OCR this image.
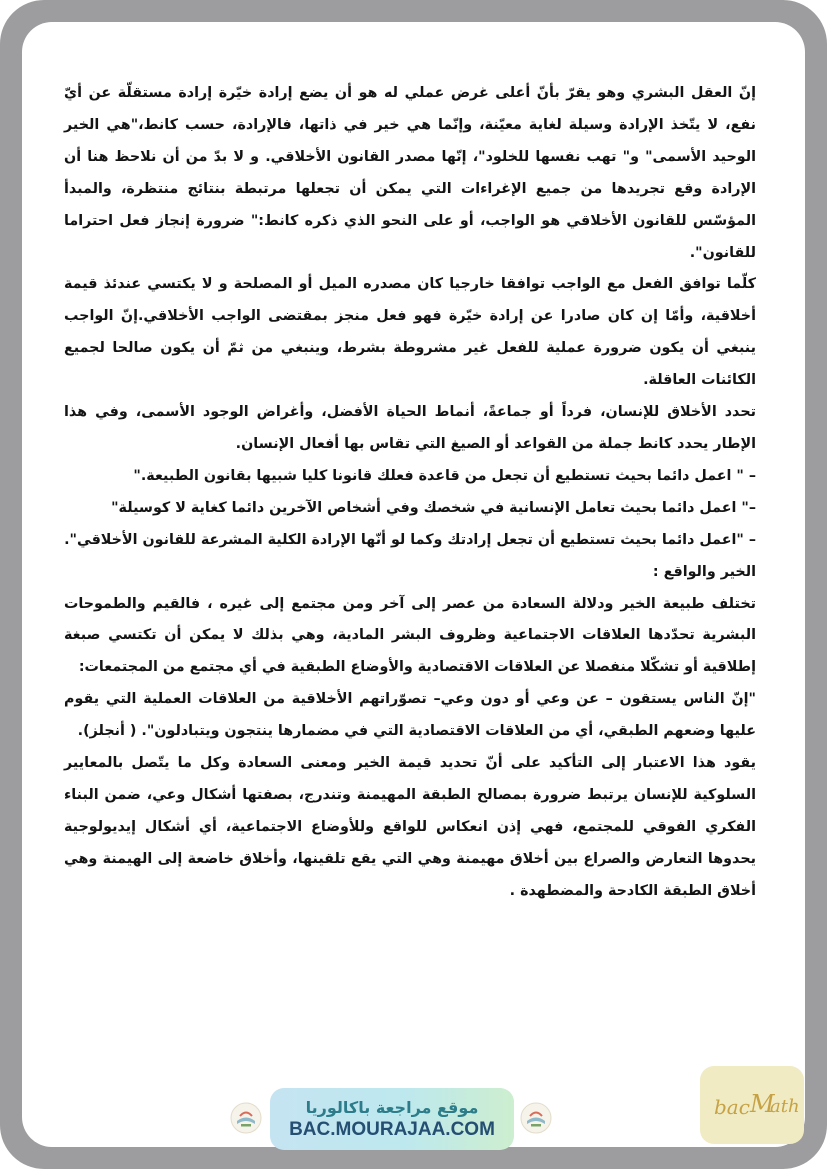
إنّ العقل البشري وهو يقرّ بأنّ أعلى غرض عملي له هو أن يضع إرادة خيّرة إرادة مستقلّة عن أيّ نفع، لا يتّخذ الإرادة وسيلة لغاية معيّنة، وإنّما هي خير في ذاتها، فالإرادة، حسب كانط،"هي الخير الوحيد الأسمى" و" تهب نفسها للخلود"، إنّها مصدر القانون الأخلاقي. و لا بدّ من أن نلاحظ هنا أن الإرادة وقع تجريدها من جميع الإغراءات التي يمكن أن تجعلها مرتبطة بنتائج منتظرة، والمبدأ المؤسّس للقانون الأخلاقي هو الواجب، أو على النحو الذي ذكره كانط:" ضرورة إنجاز فعل احتراما للقانون".

كلّما توافق الفعل مع الواجب توافقا خارجيا كان مصدره الميل أو المصلحة و لا يكتسي عندئذ قيمة أخلاقية، وأمّا إن كان صادرا عن إرادة خيّرة فهو فعل منجز بمقتضى الواجب الأخلاقي.إنّ الواجب ينبغي أن يكون ضرورة عملية للفعل غير مشروطة بشرط، وينبغي من ثمّ أن يكون صالحا لجميع الكائنات العاقلة.

تحدد الأخلاق للإنسان، فرداً أو جماعةً، أنماط الحياة الأفضل، وأغراض الوجود الأسمى، وفي هذا الإطار يحدد كانط جملة من القواعد أو الصيغ التي تقاس بها أفعال الإنسان.

– " اعمل دائما بحيث تستطيع أن تجعل من قاعدة فعلك قانونا كليا شبيها بقانون الطبيعة."

–" اعمل دائما بحيث تعامل الإنسانية في شخصك وفي أشخاص الآخرين دائما كغاية لا كوسيلة"

– "اعمل دائما بحيث تستطيع أن تجعل إرادتك وكما لو أنّها الإرادة الكلية المشرعة للقانون الأخلاقي".

الخير والواقع :

تختلف طبيعة الخير ودلالة السعادة من عصر إلى آخر ومن مجتمع إلى غيره ، فالقيم والطموحات البشرية تحدّدها العلاقات الاجتماعية وظروف البشر المادية، وهي بذلك لا يمكن أن تكتسي صبغة إطلاقية أو تشكّلا منفصلا عن العلاقات الاقتصادية والأوضاع الطبقية في أي مجتمع من المجتمعات:

"إنّ الناس يستقون – عن وعي أو دون وعي– تصوّراتهم الأخلاقية من العلاقات العملية التي يقوم عليها وضعهم الطبقي، أي من العلاقات الاقتصادية التي في مضمارها ينتجون ويتبادلون". ( أنجلز).

يقود هذا الاعتبار إلى التأكيد على أنّ تحديد قيمة الخير ومعنى السعادة وكل ما يتّصل بالمعايير السلوكية للإنسان يرتبط ضرورة بمصالح الطبقة المهيمنة وتندرج، بصفتها أشكال وعي، ضمن البناء الفكري الفوقي للمجتمع، فهي إذن انعكاس للواقع وللأوضاع الاجتماعية، أي أشكال إيديولوجية يحدوها التعارض والصراع بين أخلاق مهيمنة وهي التي يقع تلقينها، وأخلاق خاضعة إلى الهيمنة وهي أخلاق الطبقة الكادحة والمضطهدة .

موقع مراجعة باكالوريا
BAC.MOURAJAA.COM
bac M
ath
